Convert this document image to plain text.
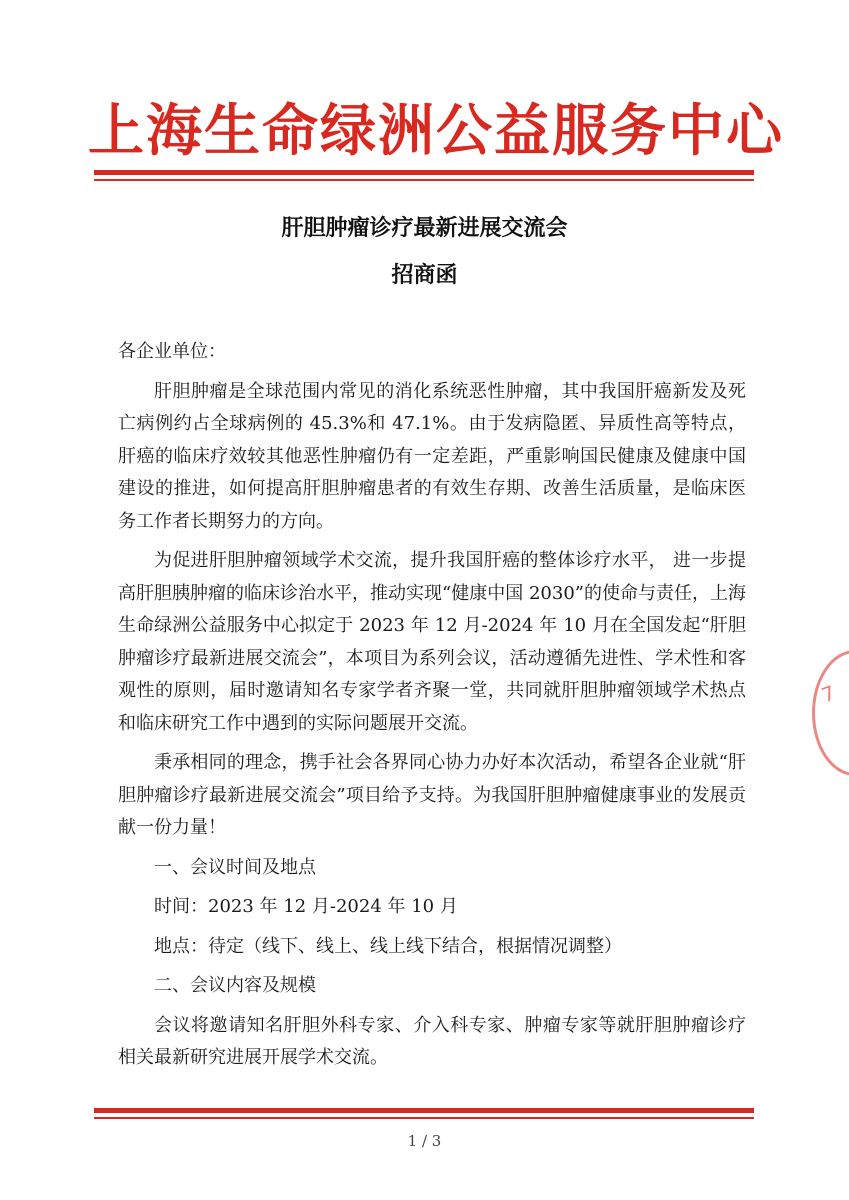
上海生命绿洲公益服务中心
肝胆肿瘤诊疗最新进展交流会
招商函

各企业单位：

肝胆肿瘤是全球范围内常见的消化系统恶性肿瘤，其中我国肝癌新发及死亡病例约占全球病例的 45.3%和 47.1%。由于发病隐匿、异质性高等特点，肝癌的临床疗效较其他恶性肿瘤仍有一定差距，严重影响国民健康及健康中国建设的推进，如何提高肝胆肿瘤患者的有效生存期、改善生活质量，是临床医务工作者长期努力的方向。

为促进肝胆肿瘤领域学术交流，提升我国肝癌的整体诊疗水平， 进一步提高肝胆胰肿瘤的临床诊治水平，推动实现“健康中国 2030”的使命与责任，上海生命绿洲公益服务中心拟定于 2023 年 12 月-2024 年 10 月在全国发起“肝胆肿瘤诊疗最新进展交流会”，本项目为系列会议，活动遵循先进性、学术性和客观性的原则，届时邀请知名专家学者齐聚一堂，共同就肝胆肿瘤领域学术热点和临床研究工作中遇到的实际问题展开交流。

秉承相同的理念，携手社会各界同心协力办好本次活动，希望各企业就“肝胆肿瘤诊疗最新进展交流会”项目给予支持。为我国肝胆肿瘤健康事业的发展贡献一份力量！

一、会议时间及地点

时间：2023 年 12 月-2024 年 10 月

地点：待定（线下、线上、线上线下结合，根据情况调整）

二、会议内容及规模

会议将邀请知名肝胆外科专家、介入科专家、肿瘤专家等就肝胆肿瘤诊疗相关最新研究进展开展学术交流。

1 / 3
7
